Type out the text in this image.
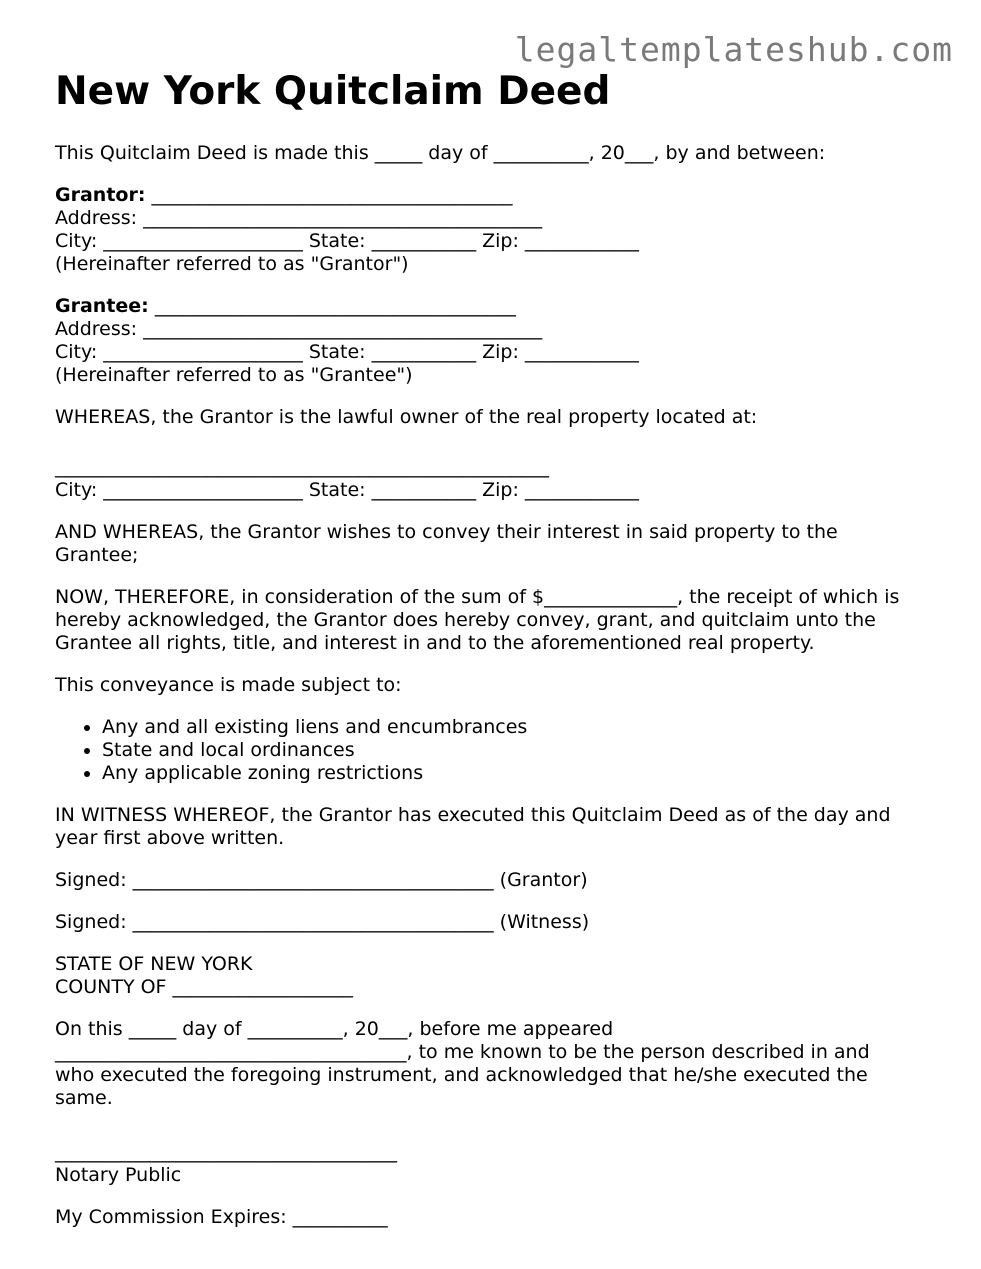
legaltemplateshub.com
New York Quitclaim Deed

This Quitclaim Deed is made this _____ day of __________, 20___, by and between:

Grantor: ______________________________________
Address: __________________________________________
City: _____________________ State: ___________ Zip: ____________
(Hereinafter referred to as "Grantor")
Grantee: ______________________________________
Address: __________________________________________
City: _____________________ State: ___________ Zip: ____________
(Hereinafter referred to as "Grantee")

WHEREAS, the Grantor is the lawful owner of the real property located at:

____________________________________________________
City: _____________________ State: ___________ Zip: ____________

AND WHEREAS, the Grantor wishes to convey their interest in said property to the Grantee;

NOW, THEREFORE, in consideration of the sum of $______________, the receipt of which is hereby acknowledged, the Grantor does hereby convey, grant, and quitclaim unto the Grantee all rights, title, and interest in and to the aforementioned real property.

This conveyance is made subject to:

• Any and all existing liens and encumbrances
• State and local ordinances
• Any applicable zoning restrictions

IN WITNESS WHEREOF, the Grantor has executed this Quitclaim Deed as of the day and year first above written.

Signed: ______________________________________ (Grantor)

Signed: ______________________________________ (Witness)

STATE OF NEW YORK
COUNTY OF ___________________

On this _____ day of __________, 20___, before me appeared _____________________________________, to me known to be the person described in and who executed the foregoing instrument, and acknowledged that he/she executed the same.

____________________________________
Notary Public

My Commission Expires: __________
